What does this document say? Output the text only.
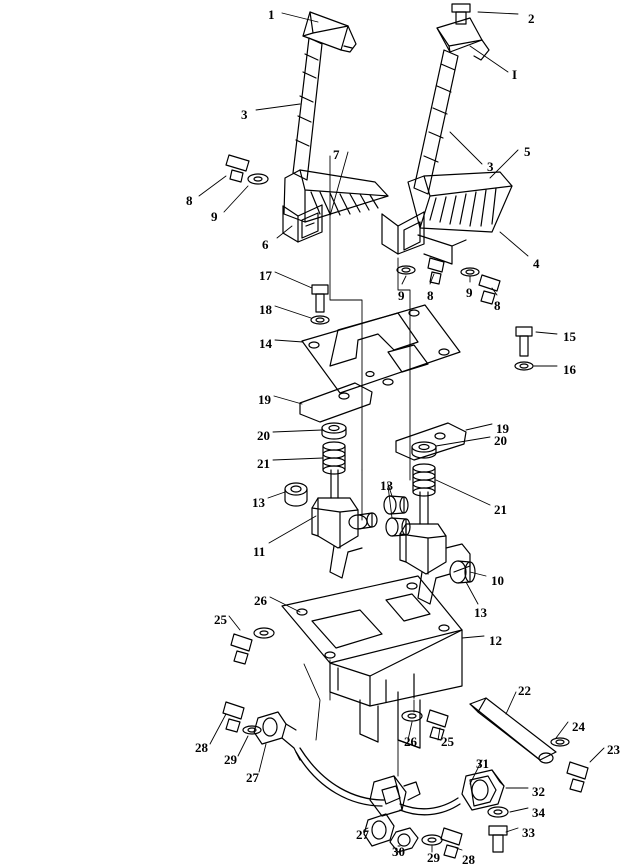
1	2
I
3
5
7
3
8
9
6
4
9 8	9
8
17
18
15
14
16
19
19
20
21
20
13
21
13
11
10
13
26
25
12
22
24
28
29
27
26 25
31
23
32
34
33
27
30 29 28
